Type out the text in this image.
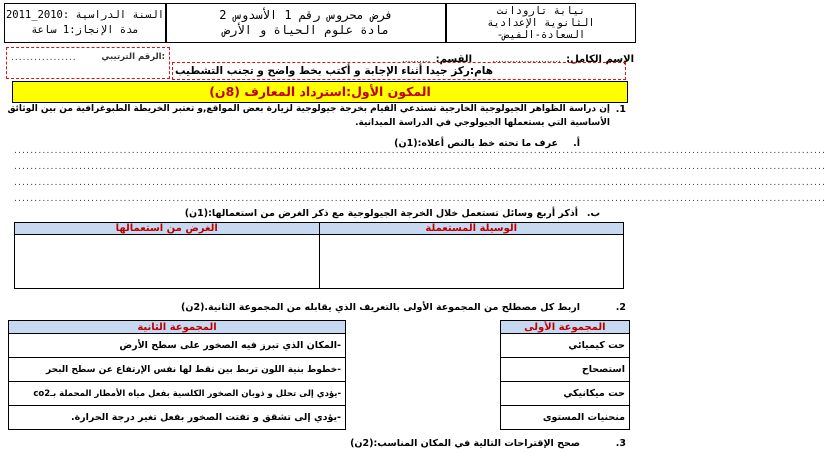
السنة الدراسية :2010_2011
مدة الإنجاز:1 ساعة
فرض محروس رقم 1 الأسدوس 2
مادة علوم الحياة و الأرض
نيابة تارودانت
الثانوية الإعدادية
السعادة-الفيض-
الرقم الترتيبي:
.................	القسم: ..........	الإسم الكامل: ........................
هام:ركز جيدا أثناء الإجابة و أكتب بخط واضح و تجنب التشطيب
المكون الأول:استرداد المعارف (8ن)
1.
إن دراسة الظواهر الجيولوجية الخارجية تستدعي القيام بخرجة جيولوجية لزيارة بعض المواقع,و تعتبر الخريطة الطبوغرافية من بين الوثائق
الأساسية التي يستعملها الجيولوجي في الدراسة الميدانية.
أ.
عرف ما تحته خط بالنص أعلاه:(1ن)
........................................................................................................................................................................................................
........................................................................................................................................................................................................
........................................................................................................................................................................................................
........................................................................................................................................................................................................
ب.
أذكر أربع وسائل تستعمل خلال الخرجة الجيولوجية مع ذكر الغرض من استعمالها:(1ن)
الغرض من استعمالها	الوسيلة المستعملة

2.
اربط كل مصطلح من المجموعة الأولى بالتعريف الذي يقابله من المجموعة الثانية.(2ن)
المجموعة الثانية		المجموعة الأولى
-المكان الذي تبرز فيه الصخور على سطح الأرض		حت كيميائي
-خطوط بنية اللون تربط بين نقط لها نفس الإرتفاع عن سطح البحر		استصحاح
-يؤدي إلى تحلل و ذوبان الصخور الكلسية بفعل مياه الأمطار المحملة بـco2		حت ميكانيكي
-يؤدي إلى تشقق و تفتت الصخور بفعل تغير درجة الحرارة.		منحنيات المستوى
3.
صحح الإقتراحات التالية في المكان المناسب:(2ن)
